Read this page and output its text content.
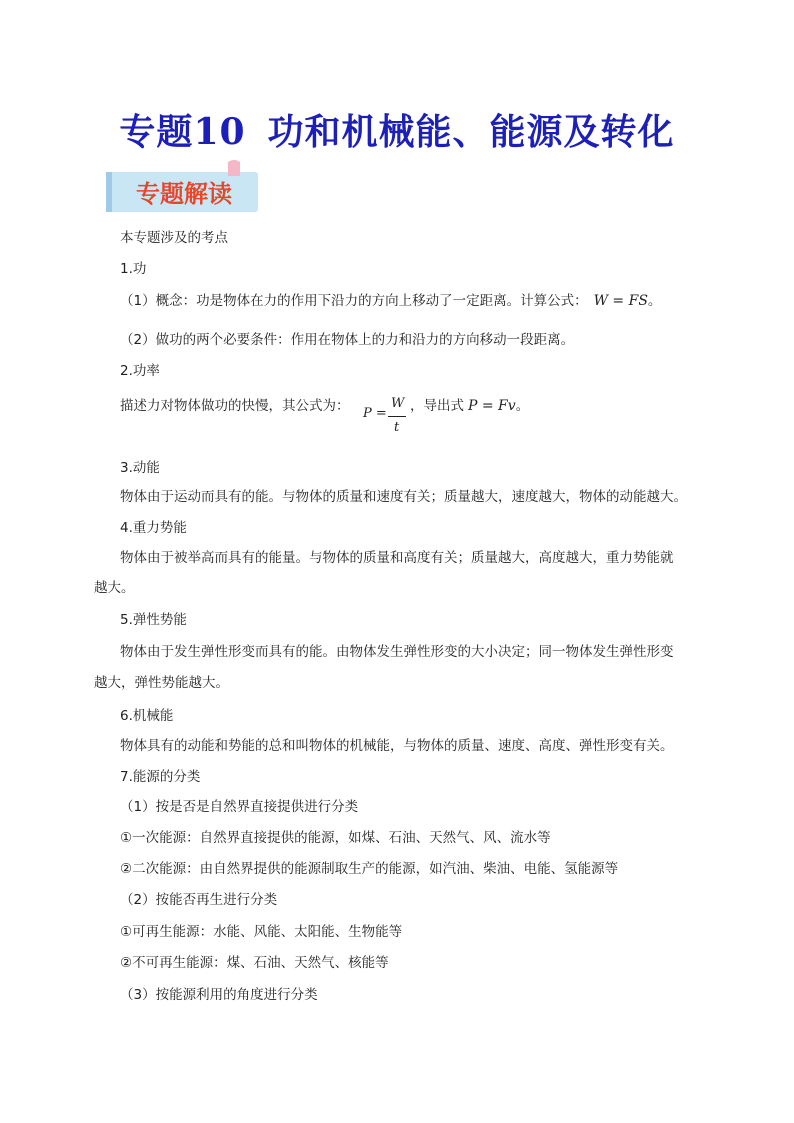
专题10 功和机械能、能源及转化
专题解读
本专题涉及的考点
1.功
（1）概念：功是物体在力的作用下沿力的方向上移动了一定距离。计算公式： W = FS。
（2）做功的两个必要条件：作用在物体上的力和沿力的方向移动一段距离。
2.功率
描述力对物体做功的快慢，其公式为： P =
W
t
，导出式 P = Fv。
3.动能
物体由于运动而具有的能。与物体的质量和速度有关；质量越大，速度越大，物体的动能越大。
4.重力势能
物体由于被举高而具有的能量。与物体的质量和高度有关；质量越大，高度越大，重力势能就
越大。
5.弹性势能
物体由于发生弹性形变而具有的能。由物体发生弹性形变的大小决定；同一物体发生弹性形变
越大，弹性势能越大。
6.机械能
物体具有的动能和势能的总和叫物体的机械能，与物体的质量、速度、高度、弹性形变有关。
7.能源的分类
（1）按是否是自然界直接提供进行分类
①一次能源：自然界直接提供的能源，如煤、石油、天然气、风、流水等
②二次能源：由自然界提供的能源制取生产的能源，如汽油、柴油、电能、氢能源等
（2）按能否再生进行分类
①可再生能源：水能、风能、太阳能、生物能等
②不可再生能源：煤、石油、天然气、核能等
（3）按能源利用的角度进行分类
